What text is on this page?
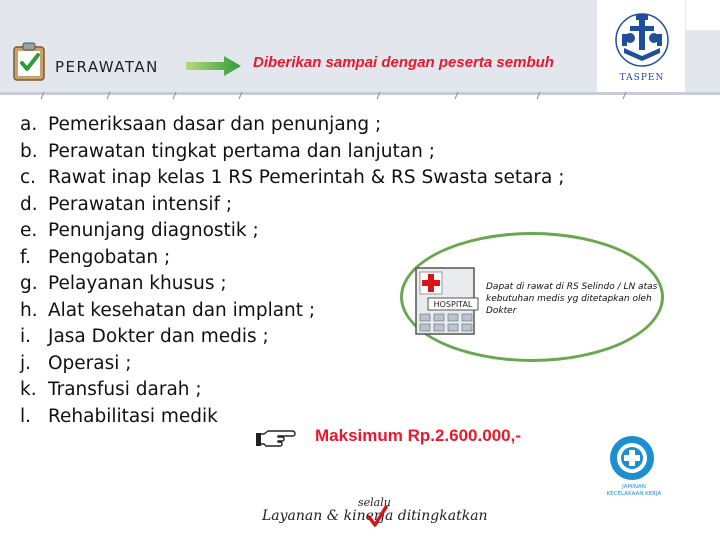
PERAWATAN	Diberikan sampai dengan peserta sembuh
TASPEN
a. Pemeriksaan dasar dan penunjang ;
b. Perawatan tingkat pertama dan lanjutan ;
c. Rawat inap kelas 1 RS Pemerintah & RS Swasta setara ;
d. Perawatan intensif ;
e. Penunjang diagnostik ;
f. Pengobatan ;
g. Pelayanan khusus ;
h. Alat kesehatan dan implant ;
i. Jasa Dokter dan medis ;
j. Operasi ;
k. Transfusi darah ;
l. Rehabilitasi medik
HOSPITAL
Dapat di rawat di RS Selindo / LN atas kebutuhan medis yg ditetapkan oleh Dokter
Maksimum Rp.2.600.000,-
JAMINAN
KECELAKAAN KERJA
Layanan & kinerja ditingkatkan
selalu
